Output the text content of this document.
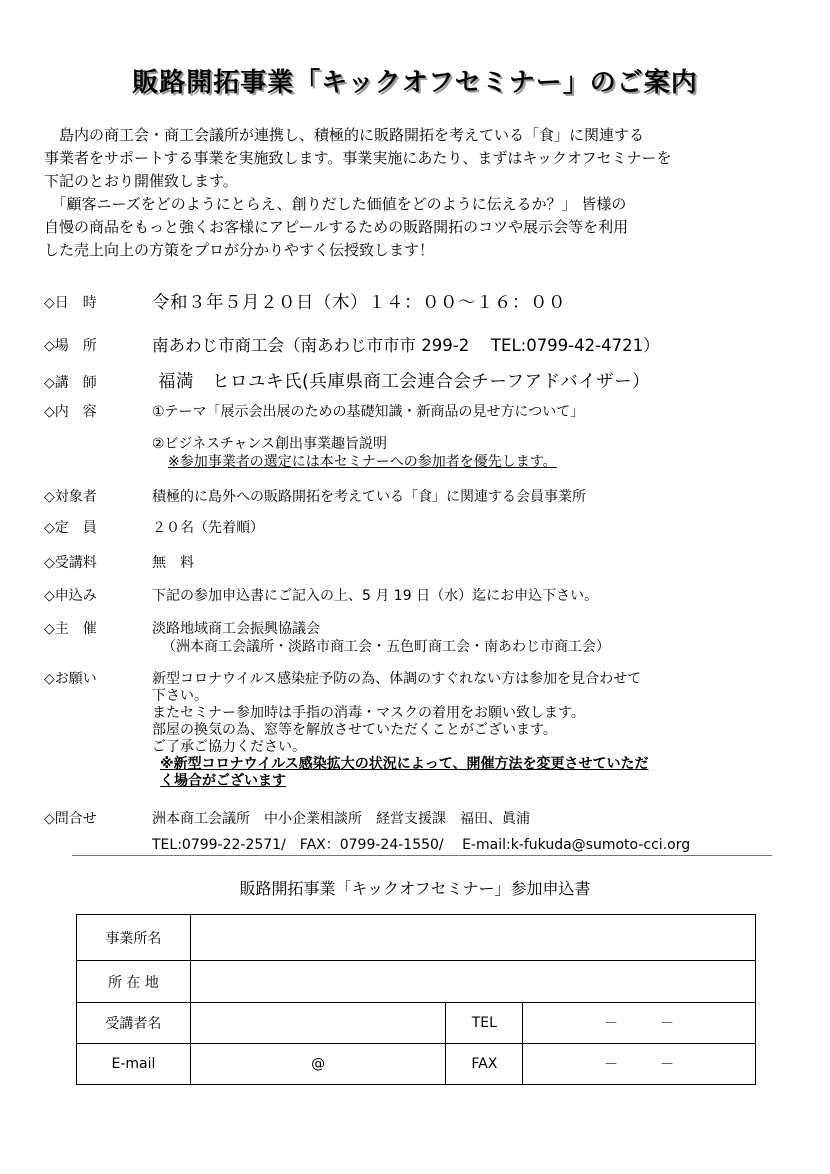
販路開拓事業「キックオフセミナー」のご案内
　島内の商工会・商工会議所が連携し、積極的に販路開拓を考えている「食」に関連する
事業者をサポートする事業を実施致します。事業実施にあたり、まずはキックオフセミナーを
下記のとおり開催致します。
　「顧客ニーズをどのようにとらえ、創りだした価値をどのように伝えるか？」 皆様の
自慢の商品をもっと強くお客様にアピールするための販路開拓のコツや展示会等を利用
した売上向上の方策をプロが分かりやすく伝授致します！
◇日　時	令和３年５月２０日（木）１４：００～１６：００
◇場　所	南あわじ市商工会（南あわじ市市市 299-2　 TEL:0799-42-4721）
◇講　師	福満　ヒロユキ氏(兵庫県商工会連合会チーフアドバイザー）
◇内　容	①テーマ「展示会出展のための基礎知識・新商品の見せ方について」
②ビジネスチャンス創出事業趣旨説明
※参加事業者の選定には本セミナーへの参加者を優先します。
◇対象者	積極的に島外への販路開拓を考えている「食」に関連する会員事業所
◇定　員	２０名（先着順）
◇受講料	無　料
◇申込み	下記の参加申込書にご記入の上、5 月 19 日（水）迄にお申込下さい。
◇主　催	淡路地域商工会振興協議会
（洲本商工会議所・淡路市商工会・五色町商工会・南あわじ市商工会）
◇お願い	新型コロナウイルス感染症予防の為、体調のすぐれない方は参加を見合わせて
下さい。
またセミナー参加時は手指の消毒・マスクの着用をお願い致します。
部屋の換気の為、窓等を解放させていただくことがございます。
ご了承ご協力ください。
※新型コロナウイルス感染拡大の状況によって、開催方法を変更させていただ
く場合がございます
◇問合せ	洲本商工会議所　中小企業相談所　経営支援課　福田、眞浦
TEL:0799-22-2571/　FAX：0799-24-1550/　 E-mail:k-fukuda@sumoto-cci.org
販路開拓事業「キックオフセミナー」参加申込書
事業所名			
所 在 地			
受講者名		TEL	－　　　－
E-mail	@	FAX	－　　　－
